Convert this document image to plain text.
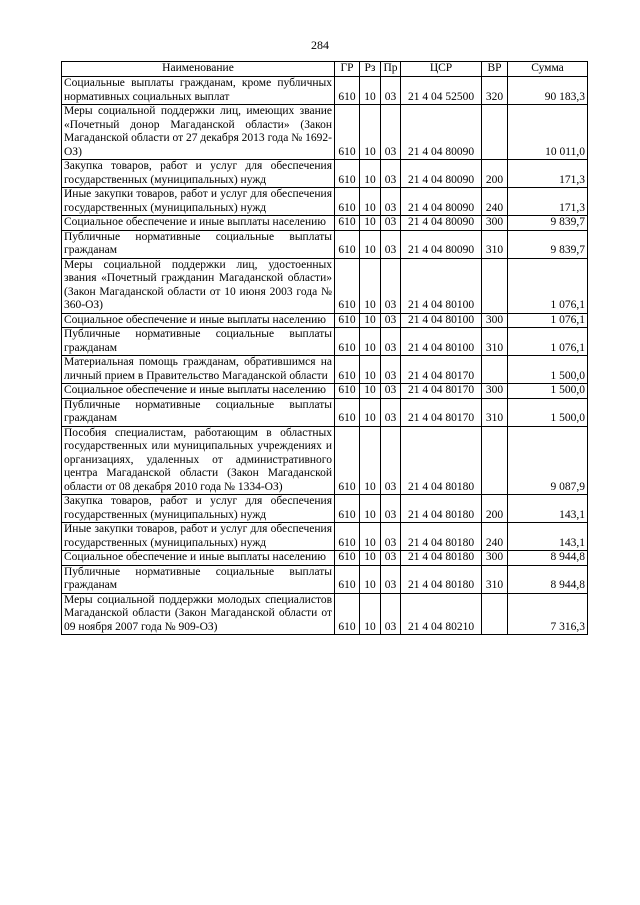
284
Наименование	ГР	Рз	Пр	ЦСР	ВР	Сумма
Социальные выплаты гражданам, кроме публичных нормативных социальных выплат	610	10	03	21 4 04 52500	320	90 183,3
Меры социальной поддержки лиц, имеющих звание «Почетный донор Магаданской области» (Закон Магаданской области от 27 декабря 2013 года № 1692-ОЗ)	610	10	03	21 4 04 80090		10 011,0
Закупка товаров, работ и услуг для обеспечения государственных (муниципальных) нужд	610	10	03	21 4 04 80090	200	171,3
Иные закупки товаров, работ и услуг для обеспечения государственных (муниципальных) нужд	610	10	03	21 4 04 80090	240	171,3
Социальное обеспечение и иные выплаты населению	610	10	03	21 4 04 80090	300	9 839,7
Публичные нормативные социальные выплаты гражданам	610	10	03	21 4 04 80090	310	9 839,7
Меры социальной поддержки лиц, удостоенных звания «Почетный гражданин Магаданской области» (Закон Магаданской области от 10 июня 2003 года № 360-ОЗ)	610	10	03	21 4 04 80100		1 076,1
Социальное обеспечение и иные выплаты населению	610	10	03	21 4 04 80100	300	1 076,1
Публичные нормативные социальные выплаты гражданам	610	10	03	21 4 04 80100	310	1 076,1
Материальная помощь гражданам, обратившимся на личный прием в Правительство Магаданской области	610	10	03	21 4 04 80170		1 500,0
Социальное обеспечение и иные выплаты населению	610	10	03	21 4 04 80170	300	1 500,0
Публичные нормативные социальные выплаты гражданам	610	10	03	21 4 04 80170	310	1 500,0
Пособия специалистам, работающим в областных государственных или муниципальных учреждениях и организациях, удаленных от административного центра Магаданской области (Закон Магаданской области от 08 декабря 2010 года № 1334-ОЗ)	610	10	03	21 4 04 80180		9 087,9
Закупка товаров, работ и услуг для обеспечения государственных (муниципальных) нужд	610	10	03	21 4 04 80180	200	143,1
Иные закупки товаров, работ и услуг для обеспечения государственных (муниципальных) нужд	610	10	03	21 4 04 80180	240	143,1
Социальное обеспечение и иные выплаты населению	610	10	03	21 4 04 80180	300	8 944,8
Публичные нормативные социальные выплаты гражданам	610	10	03	21 4 04 80180	310	8 944,8
Меры социальной поддержки молодых специалистов Магаданской области (Закон Магаданской области от 09 ноября 2007 года № 909-ОЗ)	610	10	03	21 4 04 80210		7 316,3
